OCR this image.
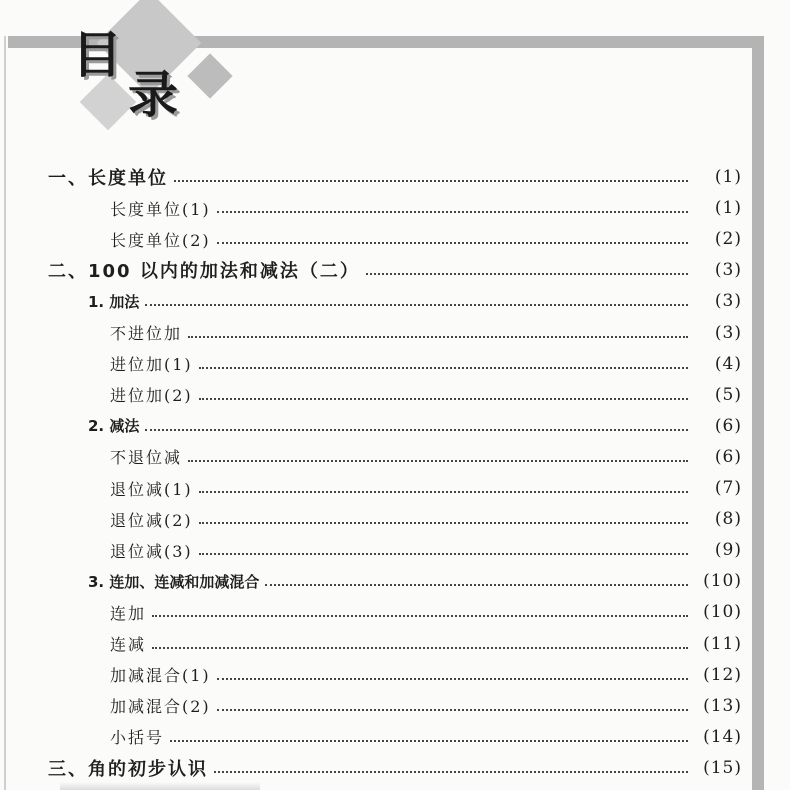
目
录
一、长度单位	(1)
长度单位(1)	(1)
长度单位(2)	(2)
二、100 以内的加法和减法（二）	(3)
1. 加法	(3)
不进位加	(3)
进位加(1)	(4)
进位加(2)	(5)
2. 减法	(6)
不退位减	(6)
退位减(1)	(7)
退位减(2)	(8)
退位减(3)	(9)
3. 连加、连减和加减混合	(10)
连加	(10)
连减	(11)
加减混合(1)	(12)
加减混合(2)	(13)
小括号	(14)
三、角的初步认识	(15)
